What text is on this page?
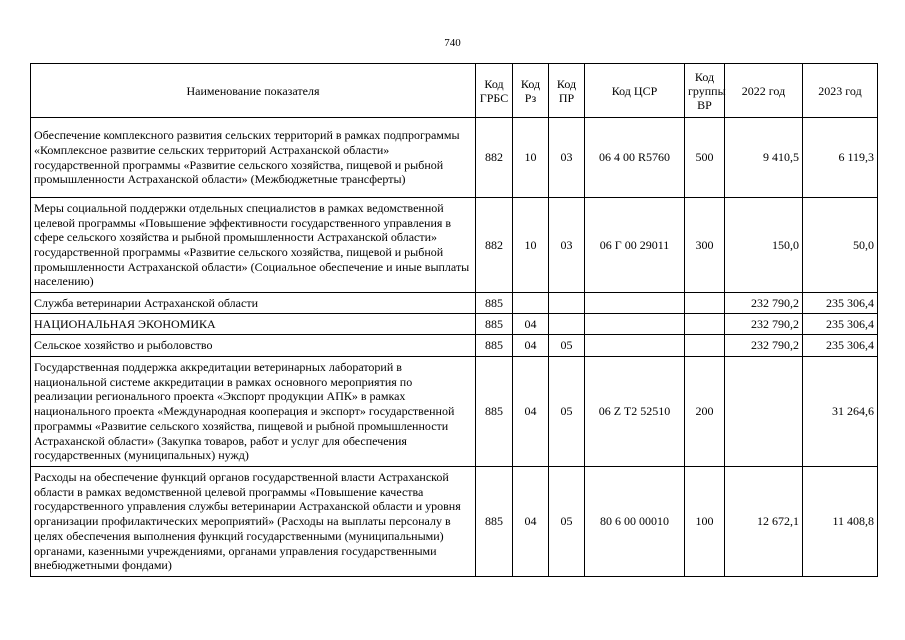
740
Наименование показателя	Код ГРБС	Код Рз	Код ПР	Код ЦСР	Код группы ВР	2022 год	2023 год
Обеспечение комплексного развития сельских территорий в рамках подпрограммы «Комплексное развитие сельских территорий Астраханской области» государственной программы «Развитие сельского хозяйства, пищевой и рыбной промышленности Астраханской области» (Межбюджетные трансферты)	882	10	03	06 4 00 R5760	500	9 410,5	6 119,3
Меры социальной поддержки отдельных специалистов в рамках ведомственной целевой программы «Повышение эффективности государственного управления в сфере сельского хозяйства и рыбной промышленности Астраханской области» государственной программы «Развитие сельского хозяйства, пищевой и рыбной промышленности Астраханской области» (Социальное обеспечение и иные выплаты населению)	882	10	03	06 Г 00 29011	300	150,0	50,0
Служба ветеринарии Астраханской области	885					232 790,2	235 306,4
НАЦИОНАЛЬНАЯ ЭКОНОМИКА	885	04				232 790,2	235 306,4
Сельское хозяйство и рыболовство	885	04	05			232 790,2	235 306,4
Государственная поддержка аккредитации ветеринарных лабораторий в национальной системе аккредитации в рамках основного мероприятия по реализации регионального проекта «Экспорт продукции АПК» в рамках национального проекта «Международная кооперация и экспорт» государственной программы «Развитие сельского хозяйства, пищевой и рыбной промышленности Астраханской области» (Закупка товаров, работ и услуг для обеспечения государственных (муниципальных) нужд)	885	04	05	06 Z T2 52510	200		31 264,6
Расходы на обеспечение функций органов государственной власти Астраханской области в рамках ведомственной целевой программы «Повышение качества государственного управления службы ветеринарии Астраханской области и уровня организации профилактических мероприятий» (Расходы на выплаты персоналу в целях обеспечения выполнения функций государственными (муниципальными) органами, казенными учреждениями, органами управления государственными внебюджетными фондами)	885	04	05	80 6 00 00010	100	12 672,1	11 408,8
